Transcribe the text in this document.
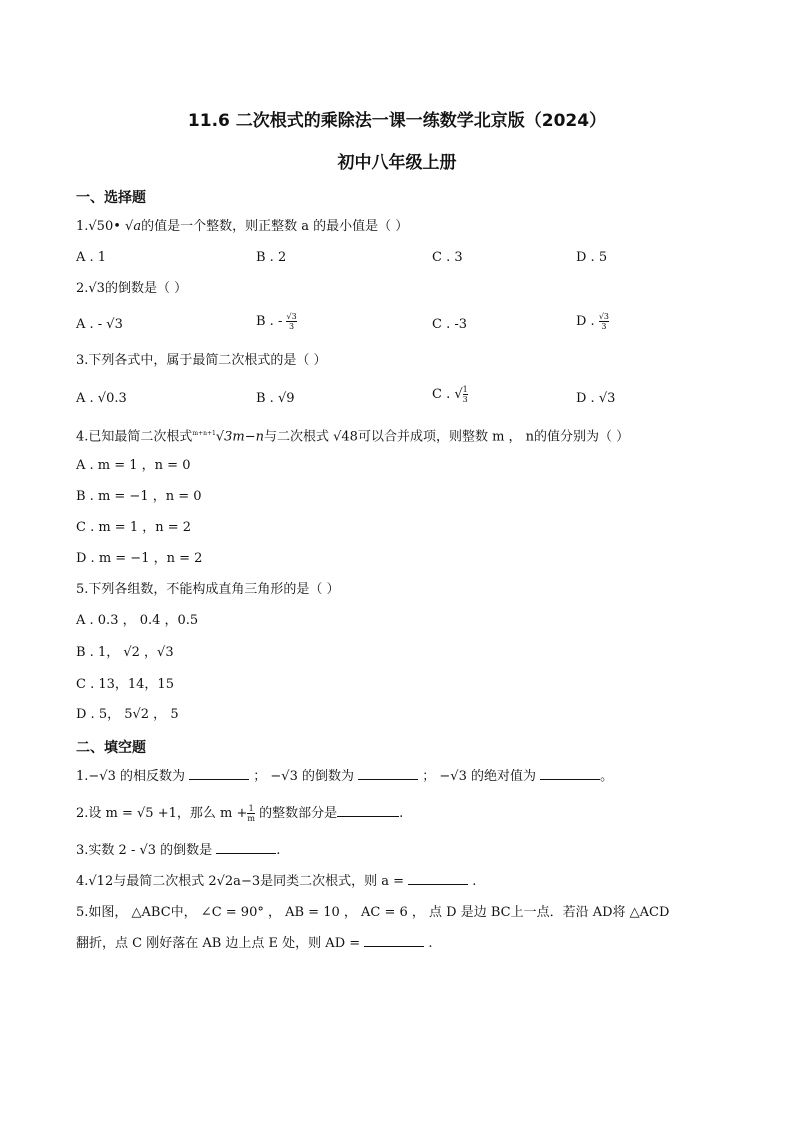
11.6 二次根式的乘除法一课一练数学北京版（2024）
初中八年级上册
一、选择题
1.√50• √a的值是一个整数，则正整数 a 的最小值是（ ）
A . 1	B . 2	C . 3	D . 5
2.√3的倒数是（ ）
A . - √3	B . - $\frac{√3}{3}$	C . -3	D . $\frac{√3}{3}$
3.下列各式中，属于最简二次根式的是（ ）
A . √0.3	B . √9	C . √ $\frac{1}{3}$	D . √3
4.已知最简二次根式$^{m+n+1}$√3m−n与二次根式 √48可以合并成项，则整数 m ， n的值分别为（ ）
A . m = 1 ，n = 0
B . m = −1 ，n = 0
C . m = 1 ，n = 2
D . m = −1 ，n = 2
5.下列各组数，不能构成直角三角形的是（ ）
A . 0.3 ， 0.4 ，0.5
B . 1， √2 ，√3
C . 13，14，15
D . 5， 5√2 ， 5
二、填空题
1.−√3 的相反数为	； −√3 的倒数为	； −√3 的绝对值为	。
2.设 m = √5 +1，那么 $m + \frac{1}{m}$ 的整数部分是	.
3.实数 2 - √3 的倒数是	.
4.√12与最简二次根式 2√2a−3是同类二次根式，则 a =	.
5.如图， △ABC中， ∠C = 90° ， AB = 10 ， AC = 6 ， 点 D 是边 BC上一点．若沿 AD将 △ACD
翻折，点 C 刚好落在 AB 边上点 E 处，则 AD =	.
